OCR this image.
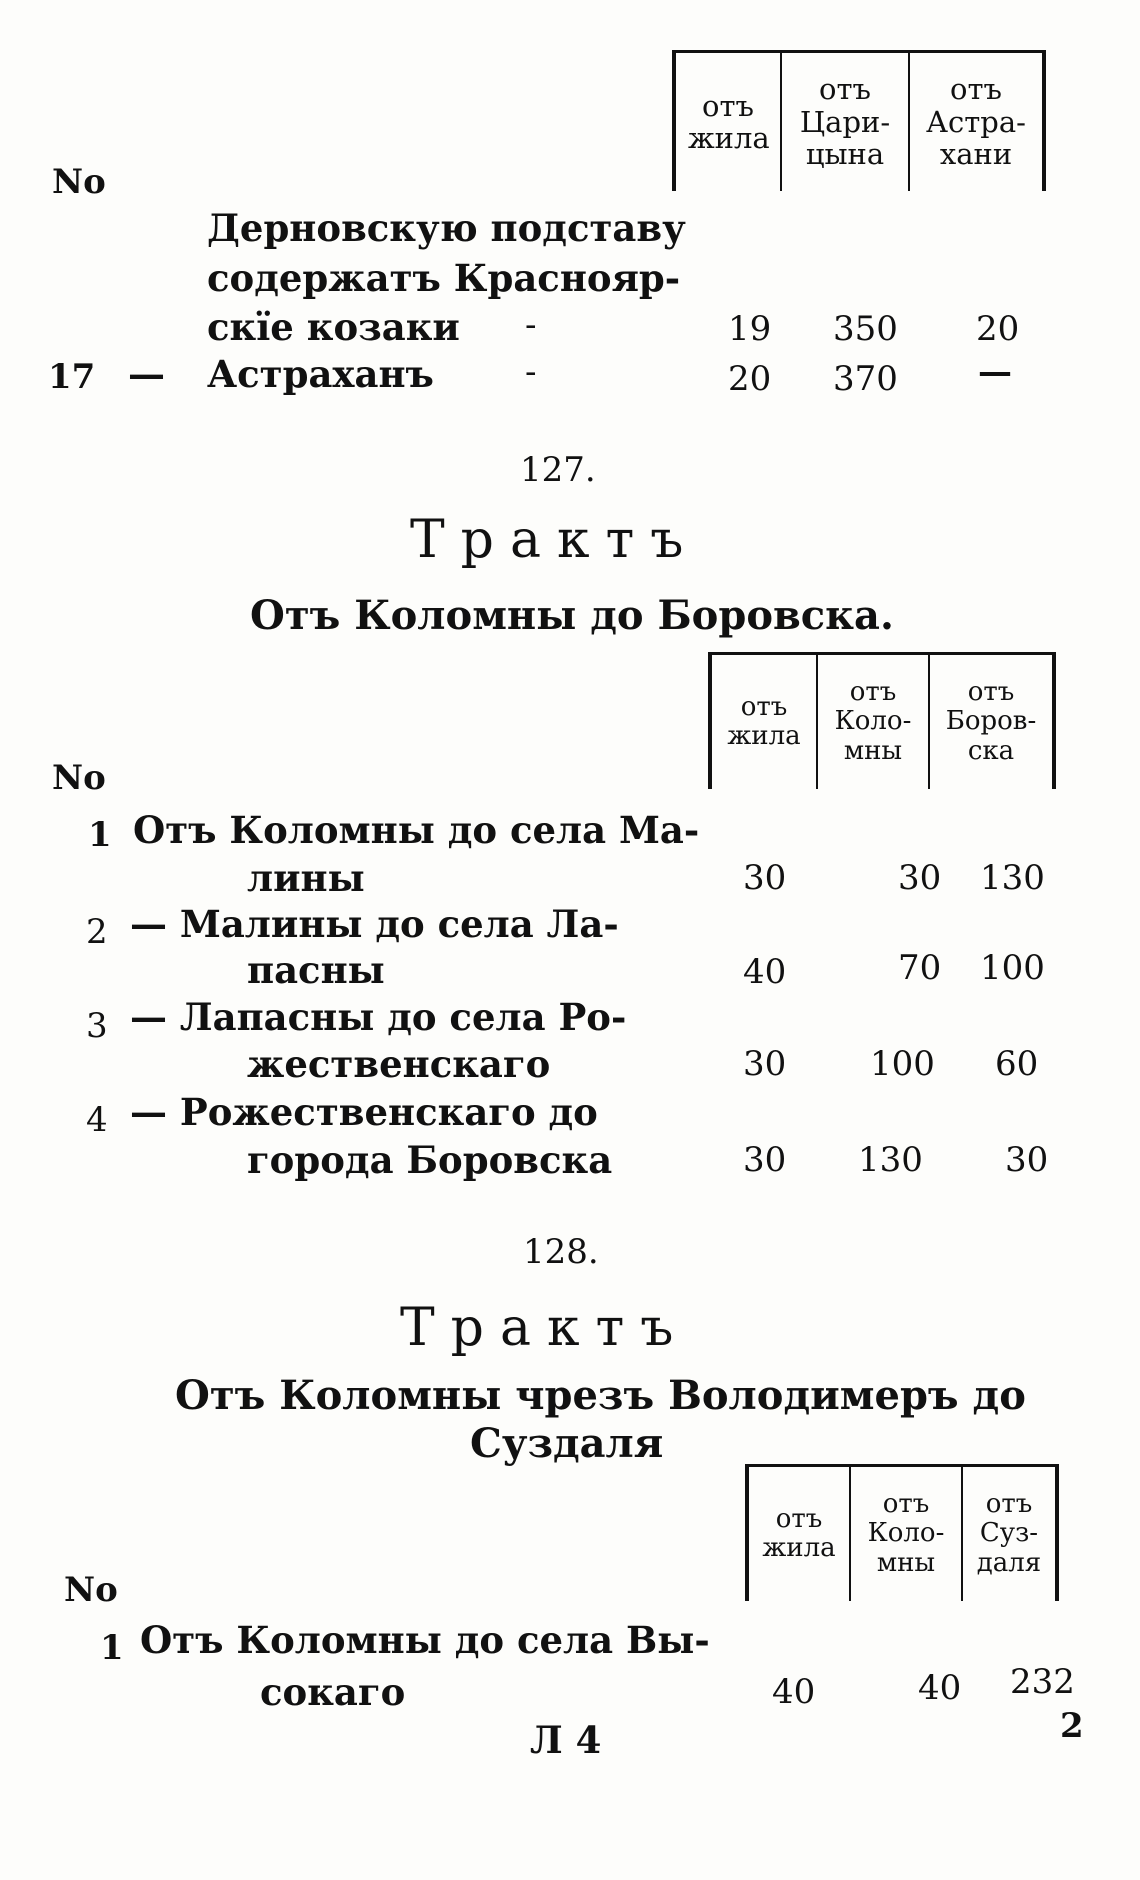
отъ жила
отъ Цари-цына
отъ Астра-хани
No
Дерновскую подставу
содержатъ Краснояр-
скїе козаки -	19 350 20
17 — Астраханъ	-	20 370 —
127.
Трактъ
Отъ Коломны до Боровска.
отъ жила
отъ Коло-мны
отъ Боров-ска
No
1 Отъ Коломны до села Ма-
лины	30	30 130
2 — Малины до села Ла-
пасны	40	70 100
3 — Лапасны до села Ро-
жественскаго	30 100 60
4 — Рожественскаго до
города Боровска	30 130 30
128.
Трактъ
Отъ Коломны чрезъ Володимеръ до
Суздаля
отъ жила
отъ Коло-мны
отъ Суз-даля
No
1 Отъ Коломны до села Вы-
сокаго	40	40 232
Л 4	2
